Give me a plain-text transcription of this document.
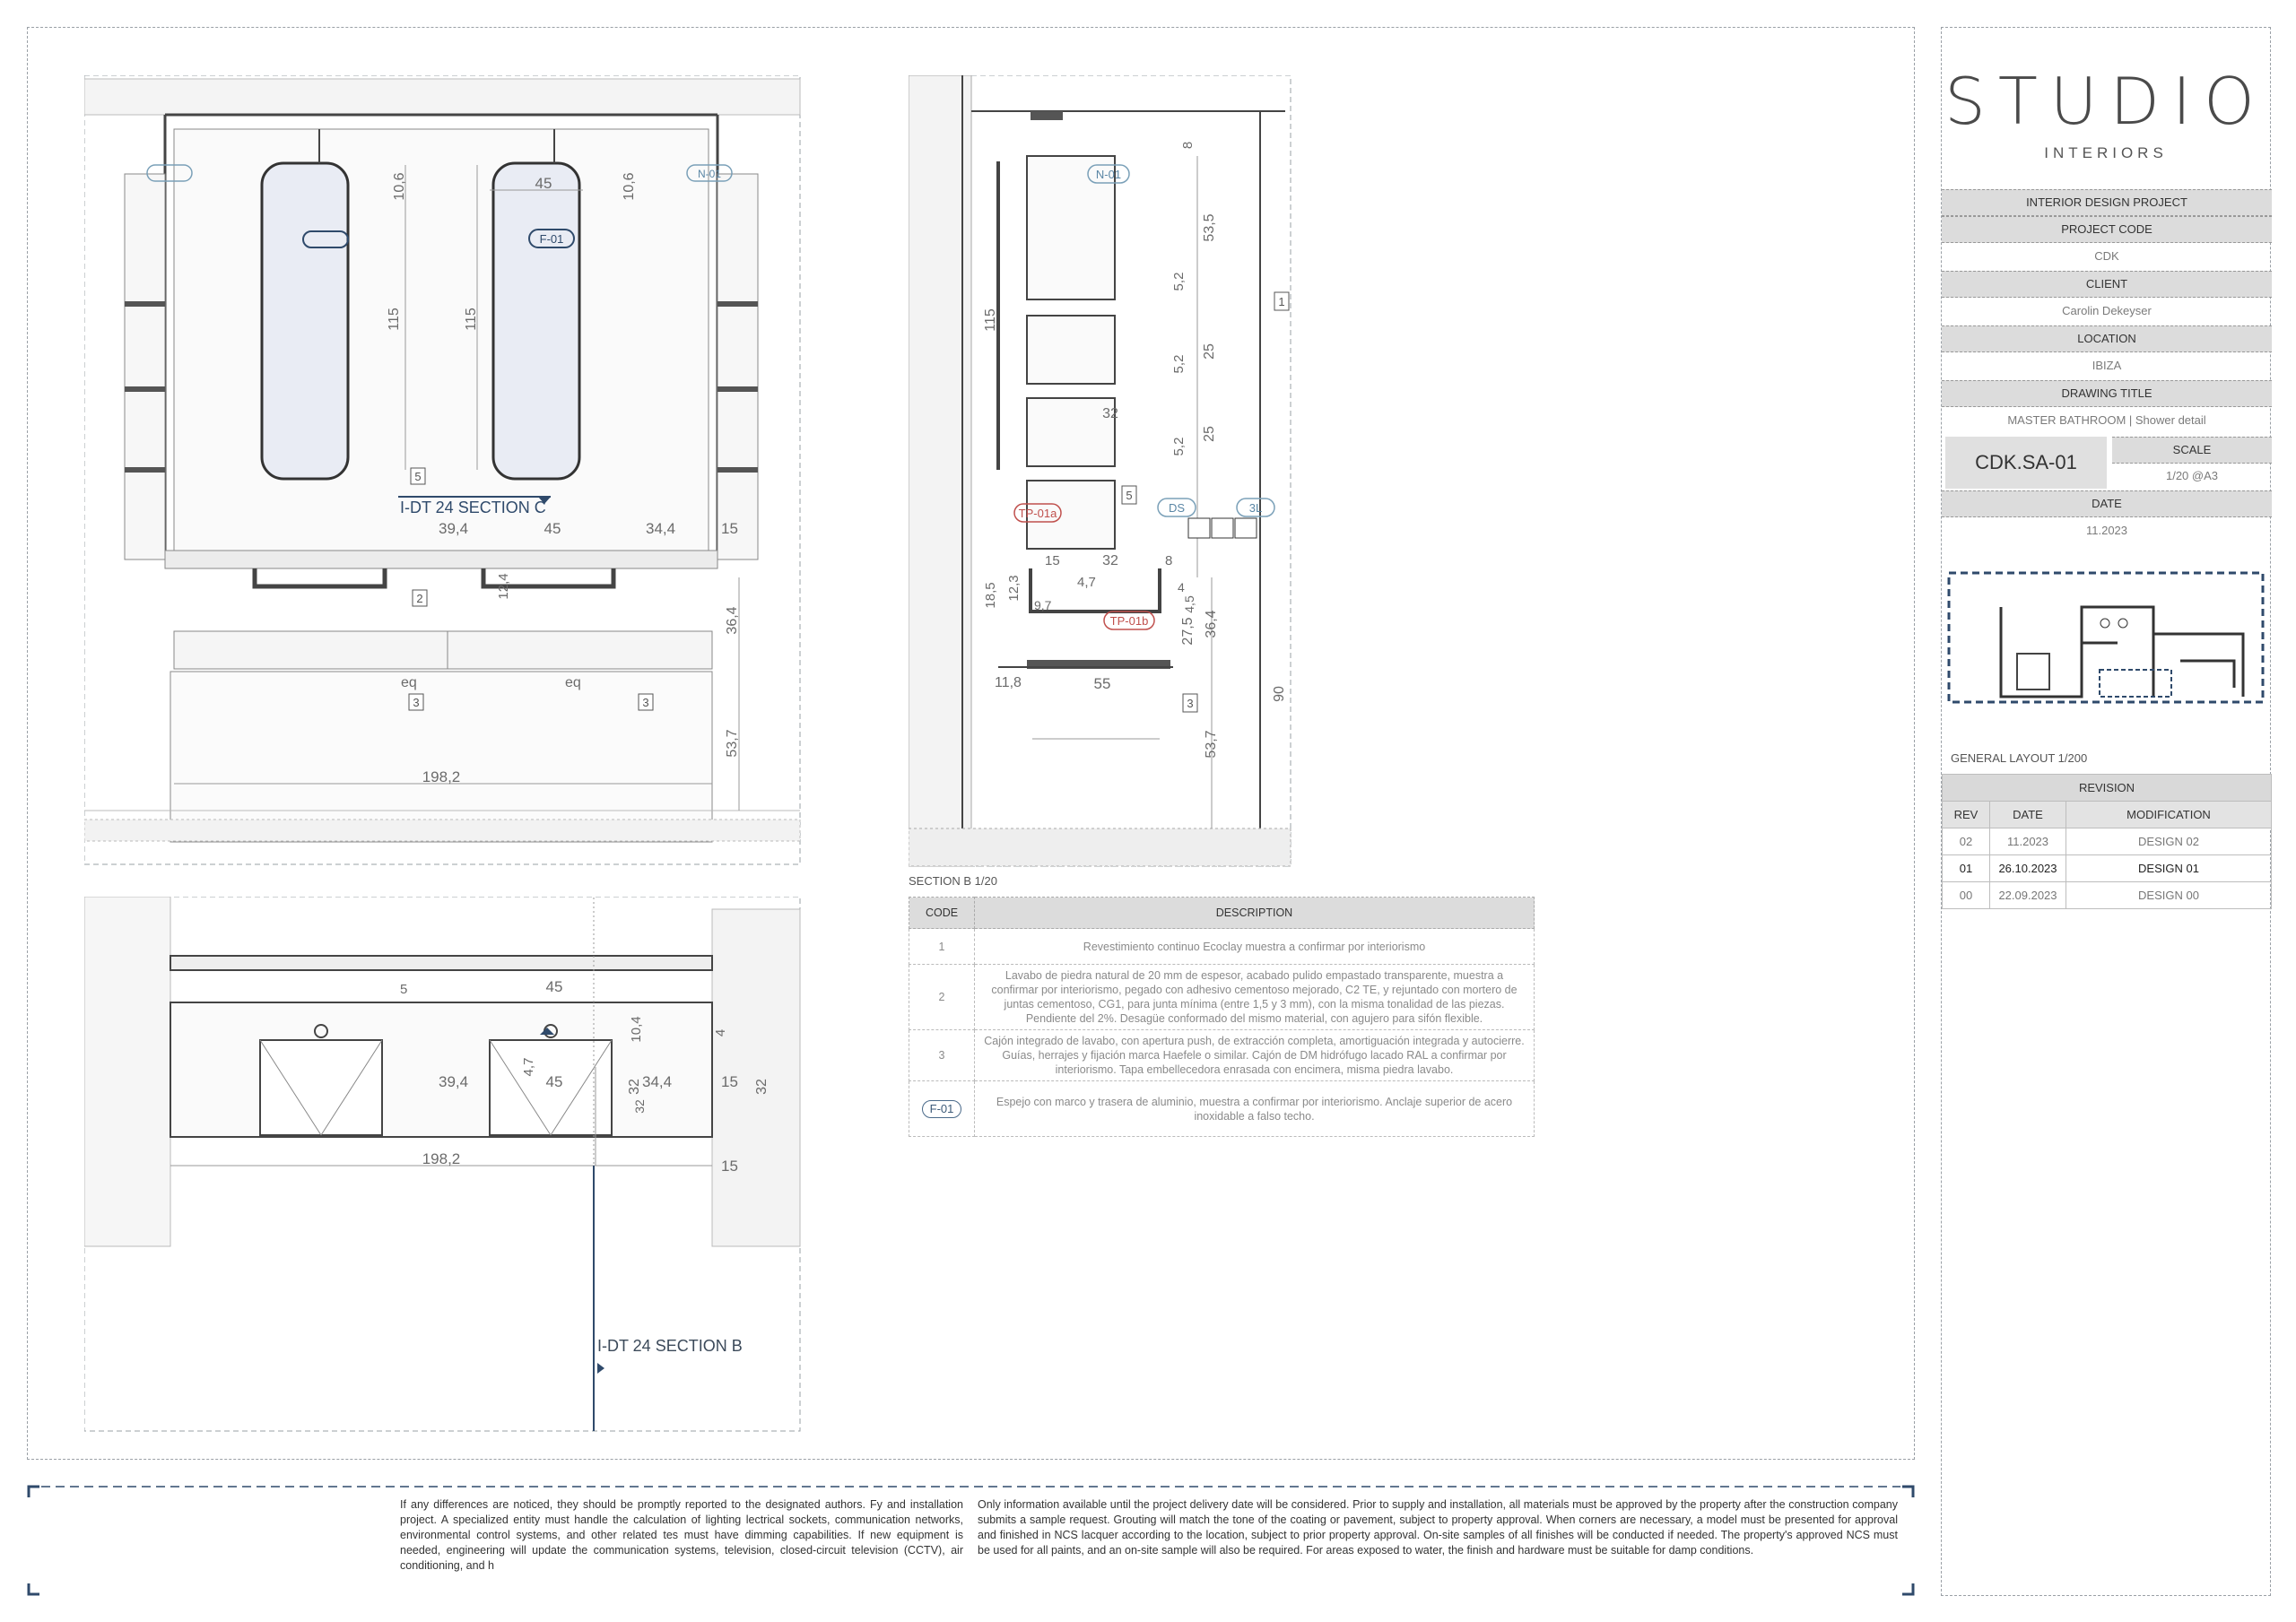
45	10,6
10,6
115	115
39,4	45	34,4	15
12,4
36,4
53,7
198,2
eq	eq
I-DT 24 SECTION C
N-01
F-01
5
2
3	3
8
53,5
5,2
25
5,2
25
5,2
32
115
32	8
15
4,7
18,5 12,3
9,7	4,5
4
27,5 36,4
55
11,8
53,7
90
N-01
TP-01a
TP-01b
DS	3L
1
5
3
SECTION B 1/20
45
39,4	45	34,4	15
32	32
198,2	15
10,4
4,7
4
5
32
I-DT 24 SECTION B
CODE	DESCRIPTION
1	Revestimiento continuo Ecoclay muestra a confirmar por interiorismo
2	Lavabo de piedra natural de 20 mm de espesor, acabado pulido empastado transparente, muestra a confirmar por interiorismo, pegado con adhesivo cementoso mejorado, C2 TE, y rejuntado con mortero de juntas cementoso, CG1, para junta mínima (entre 1,5 y 3 mm), con la misma tonalidad de las piezas. Pendiente del 2%. Desagüe conformado del mismo material, con agujero para sifón flexible.
3	Cajón integrado de lavabo, con apertura push, de extracción completa, amortiguación integrada y autocierre. Guías, herrajes y fijación marca Haefele o similar. Cajón de DM hidrófugo lacado RAL a confirmar por interiorismo. Tapa embellecedora enrasada con encimera, misma piedra lavabo.
F-01	Espejo con marco y trasera de aluminio, muestra a confirmar por interiorismo. Anclaje superior de acero inoxidable a falso techo.
STUDIO
INTERIORS
INTERIOR DESIGN PROJECT
PROJECT CODE
CDK
CLIENT
Carolin Dekeyser
LOCATION
IBIZA
DRAWING TITLE
MASTER BATHROOM | Shower detail
CDK.SA-01
SCALE
1/20 @A3
DATE
11.2023
GENERAL LAYOUT 1/200
REVISION		
REV	DATE	MODIFICATION
02	11.2023	DESIGN 02
01	26.10.2023	DESIGN 01
00	22.09.2023	DESIGN 00
If any differences are noticed, they should be promptly reported to the designated authors. Fy and installation project. A specialized entity must handle the calculation of lighting lectrical sockets, communication networks, environmental control systems, and other related tes must have dimming capabilities. If new equipment is needed, engineering will update the communication systems, television, closed-circuit television (CCTV), air conditioning, and h
Only information available until the project delivery date will be considered. Prior to supply and installation, all materials must be approved by the property after the construction company submits a sample request. Grouting will match the tone of the coating or pavement, subject to property approval. When corners are necessary, a model must be presented for approval and finished in NCS lacquer according to the location, subject to prior property approval. On-site samples of all finishes will be conducted if needed. The property's approved NCS must be used for all paints, and an on-site sample will also be required. For areas exposed to water, the finish and hardware must be suitable for damp conditions.
